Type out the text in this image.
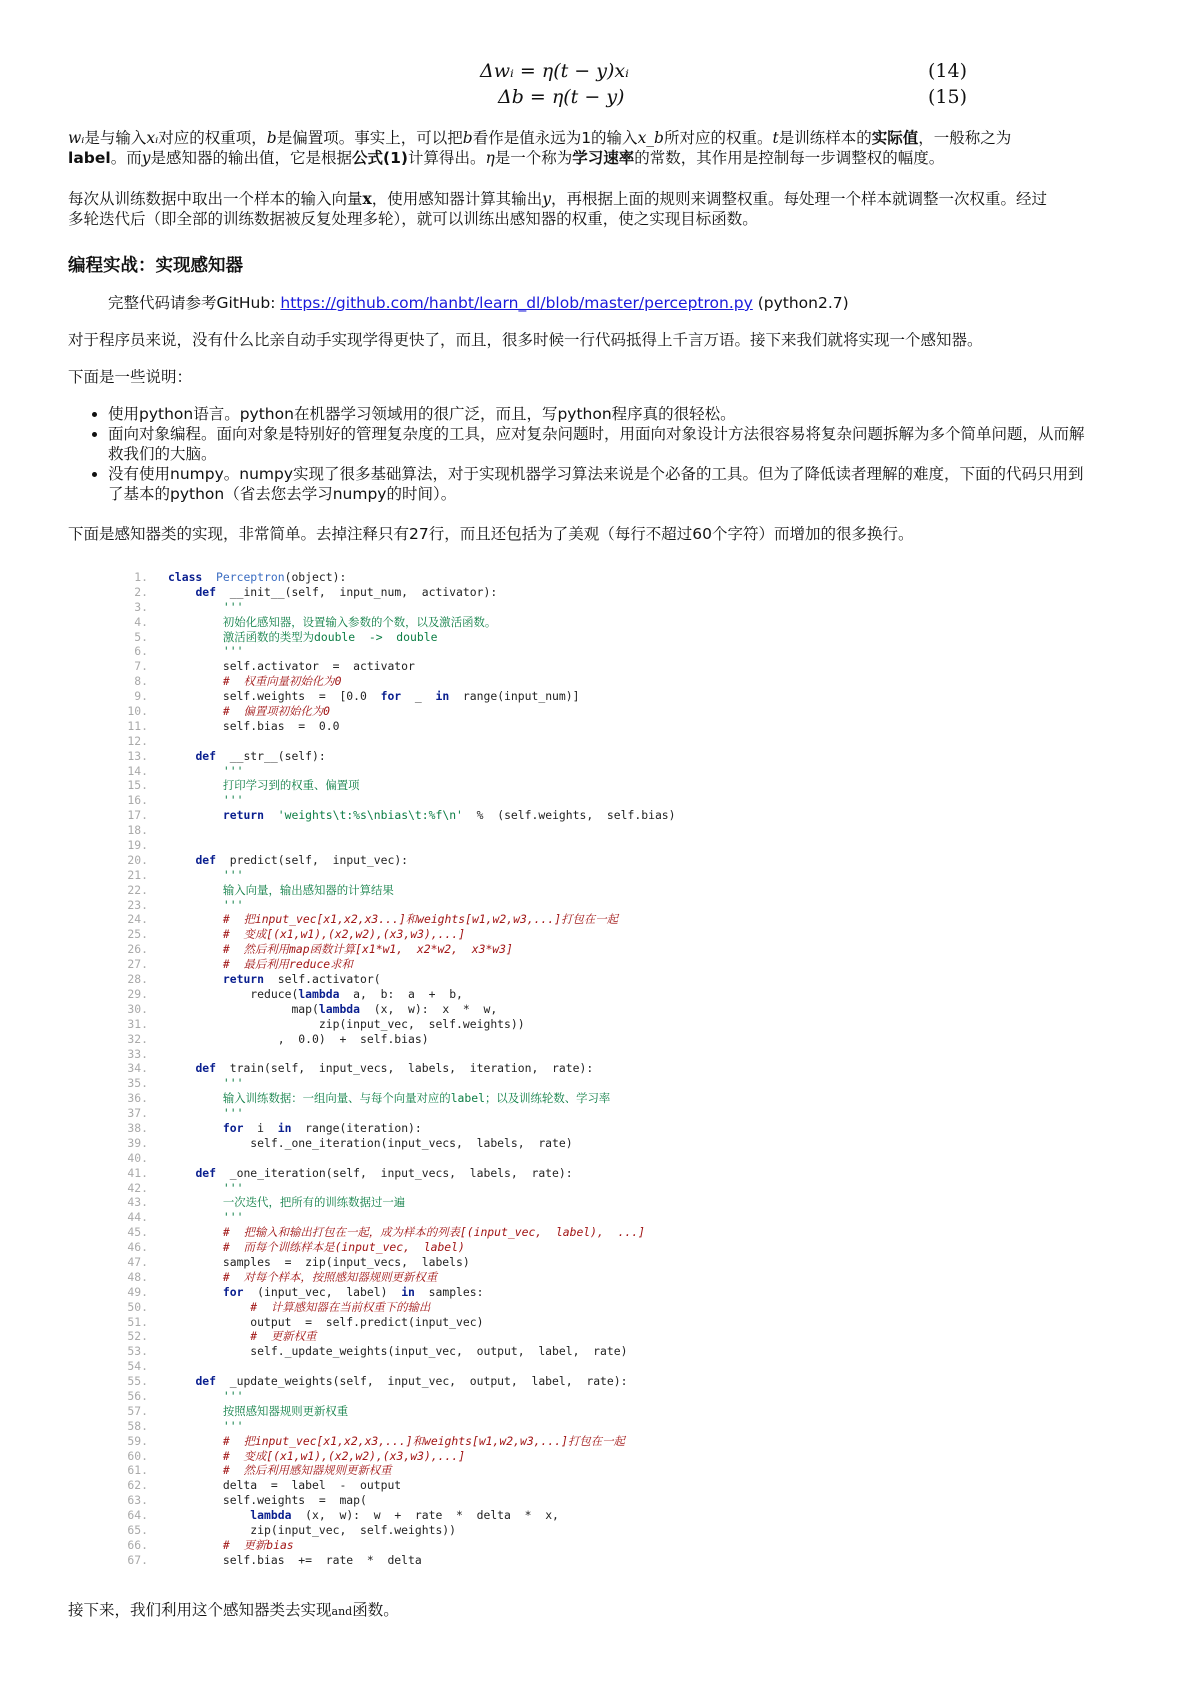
Δwᵢ = η(t − y)xᵢ	(14)
Δb = η(t − y)	(15)

wᵢ是与输入xᵢ对应的权重项，b是偏置项。事实上，可以把b看作是值永远为1的输入x_b所对应的权重。t是训练样本的实际值，一般称之为label。而y是感知器的输出值，它是根据公式(1)计算得出。η是一个称为学习速率的常数，其作用是控制每一步调整权的幅度。

每次从训练数据中取出一个样本的输入向量x，使用感知器计算其输出y，再根据上面的规则来调整权重。每处理一个样本就调整一次权重。经过多轮迭代后（即全部的训练数据被反复处理多轮），就可以训练出感知器的权重，使之实现目标函数。

编程实战：实现感知器

完整代码请参考GitHub: https://github.com/hanbt/learn_dl/blob/master/perceptron.py (python2.7)

对于程序员来说，没有什么比亲自动手实现学得更快了，而且，很多时候一行代码抵得上千言万语。接下来我们就将实现一个感知器。

下面是一些说明：

• 使用python语言。python在机器学习领域用的很广泛，而且，写python程序真的很轻松。
• 面向对象编程。面向对象是特别好的管理复杂度的工具，应对复杂问题时，用面向对象设计方法很容易将复杂问题拆解为多个简单问题，从而解救我们的大脑。
• 没有使用numpy。numpy实现了很多基础算法，对于实现机器学习算法来说是个必备的工具。但为了降低读者理解的难度，下面的代码只用到了基本的python（省去您去学习numpy的时间）。

下面是感知器类的实现，非常简单。去掉注释只有27行，而且还包括为了美观（每行不超过60个字符）而增加的很多换行。

1. class Perceptron(object):
2.	def  __init__(self,  input_num,  activator):
3.	'''
4.	初始化感知器，设置输入参数的个数，以及激活函数。
5.	激活函数的类型为double  ->  double
6.	'''
7. self.activator  =  activator
8.	#  权重向量初始化为0
9. self.weights  =  [0.0  for  _  in  range(input_num)]
10.	#  偏置项初始化为0
11. self.bias  =  0.0
12.
13.	def  __str__(self):
14.	'''
15.	打印学习到的权重、偏置项
16.	'''
17.	return 'weights\t:%s\nbias\t:%f\n'  %  (self.weights,  self.bias)
18.
19.
20.	def  predict(self,  input_vec):
21.	'''
22.	输入向量，输出感知器的计算结果
23.	'''
24.	#  把input_vec[x1,x2,x3...]和weights[w1,w2,w3,...]打包在一起
25.	#  变成[(x1,w1),(x2,w2),(x3,w3),...]
26.	#  然后利用map函数计算[x1*w1,  x2*w2,  x3*w3]
27.	#  最后利用reduce求和
28.	return  self.activator(
29. reduce(lambda  a,  b:  a  +  b,
30. map(lambda  (x,  w):  x  *  w,
31. zip(input_vec,  self.weights))
32. ,  0.0)  +  self.bias)
33.
34.	def  train(self,  input_vecs,  labels,  iteration,  rate):
35.	'''
36.	输入训练数据：一组向量、与每个向量对应的label；以及训练轮数、学习率
37.	'''
38.	for  i  in  range(iteration):
39. self._one_iteration(input_vecs,  labels,  rate)
40.
41.	def  _one_iteration(self,  input_vecs,  labels,  rate):
42.	'''
43.	一次迭代，把所有的训练数据过一遍
44.	'''
45.	#  把输入和输出打包在一起，成为样本的列表[(input_vec,  label),  ...]
46.	#  而每个训练样本是(input_vec,  label)
47. samples  =  zip(input_vecs,  labels)
48.	#  对每个样本，按照感知器规则更新权重
49.	for  (input_vec,  label)  in  samples:
50.	#  计算感知器在当前权重下的输出
51. output  =  self.predict(input_vec)
52.	#  更新权重
53. self._update_weights(input_vec,  output,  label,  rate)
54.
55.	def  _update_weights(self,  input_vec,  output,  label,  rate):
56.	'''
57.	按照感知器规则更新权重
58.	'''
59.	#  把input_vec[x1,x2,x3,...]和weights[w1,w2,w3,...]打包在一起
60.	#  变成[(x1,w1),(x2,w2),(x3,w3),...]
61.	#  然后利用感知器规则更新权重
62. delta  =  label  -  output
63. self.weights  =  map(
64.	lambda  (x,  w):  w  +  rate  *  delta  *  x,
65. zip(input_vec,  self.weights))
66.	#  更新bias
67. self.bias  +=  rate  *  delta

接下来，我们利用这个感知器类去实现and函数。
